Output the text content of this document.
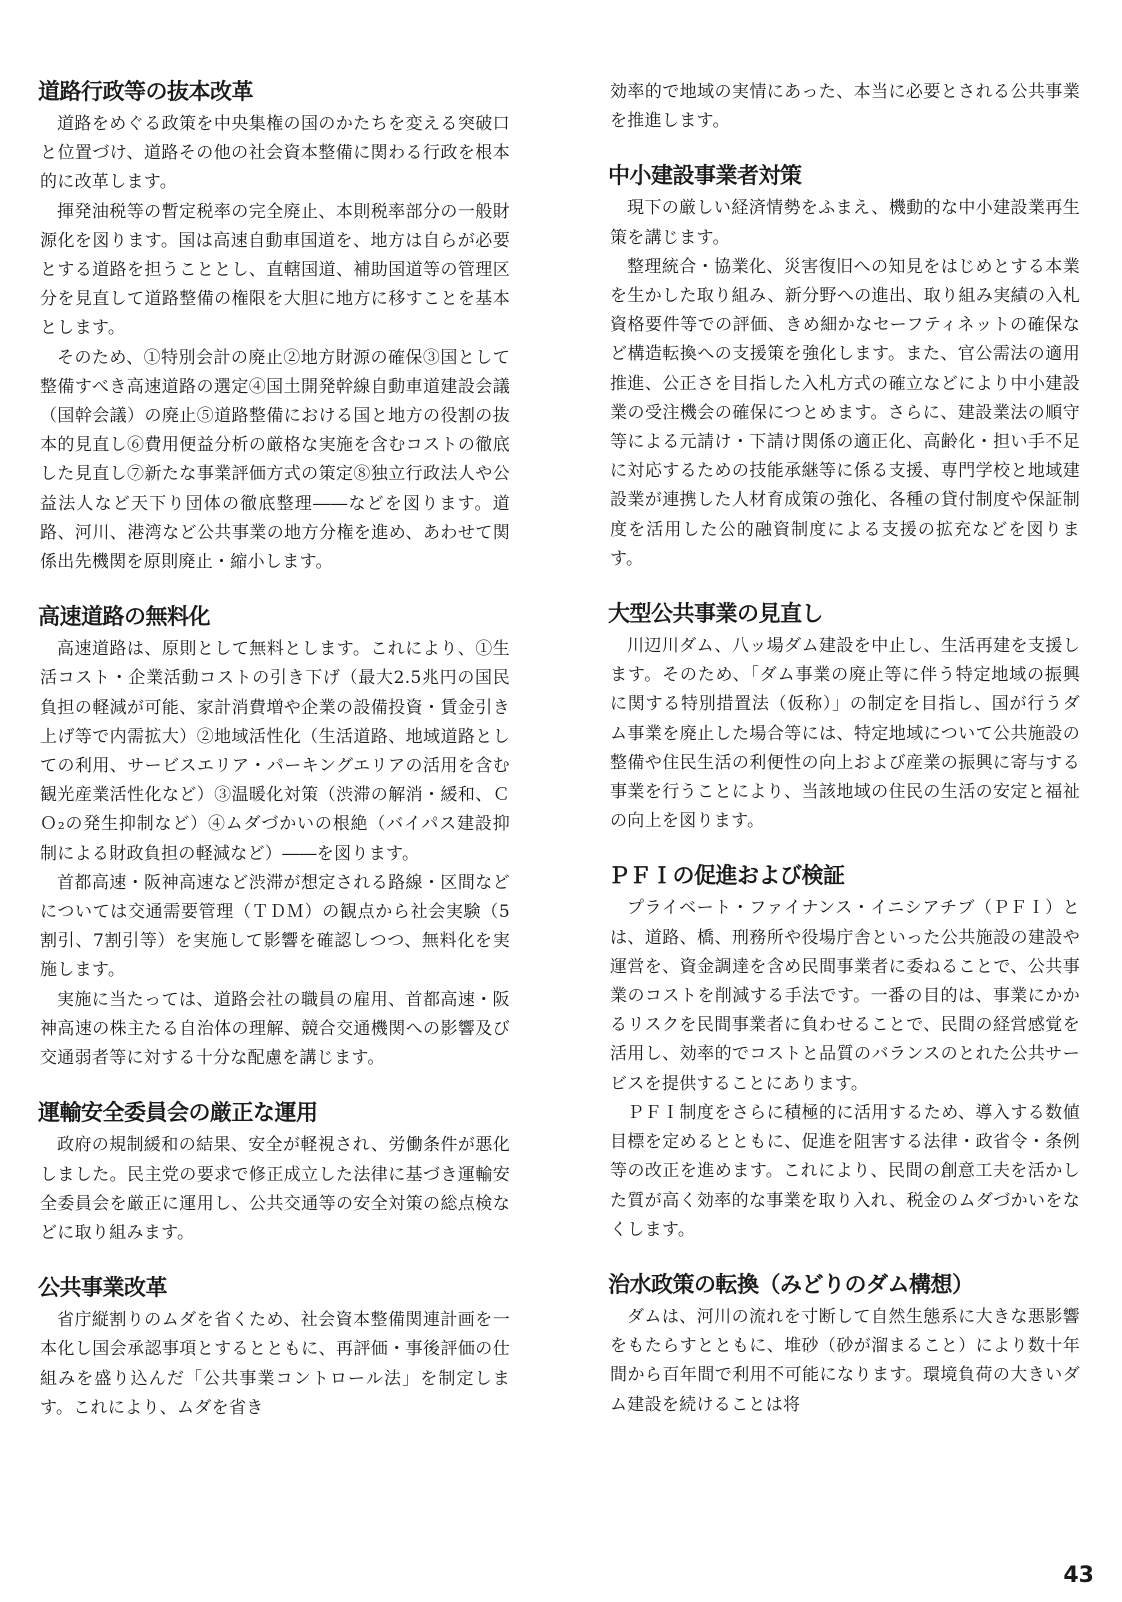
道路行政等の抜本改革

道路をめぐる政策を中央集権の国のかたちを変える突破口と位置づけ、道路その他の社会資本整備に関わる行政を根本的に改革します。

揮発油税等の暫定税率の完全廃止、本則税率部分の一般財源化を図ります。国は高速自動車国道を、地方は自らが必要とする道路を担うこととし、直轄国道、補助国道等の管理区分を見直して道路整備の権限を大胆に地方に移すことを基本とします。

そのため、①特別会計の廃止②地方財源の確保③国として整備すべき高速道路の選定④国土開発幹線自動車道建設会議（国幹会議）の廃止⑤道路整備における国と地方の役割の抜本的見直し⑥費用便益分析の厳格な実施を含むコストの徹底した見直し⑦新たな事業評価方式の策定⑧独立行政法人や公益法人など天下り団体の徹底整理――などを図ります。道路、河川、港湾など公共事業の地方分権を進め、あわせて関係出先機関を原則廃止・縮小します。

高速道路の無料化

高速道路は、原則として無料とします。これにより、①生活コスト・企業活動コストの引き下げ（最大2.5兆円の国民負担の軽減が可能、家計消費増や企業の設備投資・賃金引き上げ等で内需拡大）②地域活性化（生活道路、地域道路としての利用、サービスエリア・パーキングエリアの活用を含む観光産業活性化など）③温暖化対策（渋滞の解消・緩和、ＣＯ₂の発生抑制など）④ムダづかいの根絶（バイパス建設抑制による財政負担の軽減など）――を図ります。

首都高速・阪神高速など渋滞が想定される路線・区間などについては交通需要管理（ＴＤＭ）の観点から社会実験（5割引、7割引等）を実施して影響を確認しつつ、無料化を実施します。

実施に当たっては、道路会社の職員の雇用、首都高速・阪神高速の株主たる自治体の理解、競合交通機関への影響及び交通弱者等に対する十分な配慮を講じます。

運輸安全委員会の厳正な運用

政府の規制緩和の結果、安全が軽視され、労働条件が悪化しました。民主党の要求で修正成立した法律に基づき運輸安全委員会を厳正に運用し、公共交通等の安全対策の総点検などに取り組みます。

公共事業改革

省庁縦割りのムダを省くため、社会資本整備関連計画を一本化し国会承認事項とするとともに、再評価・事後評価の仕組みを盛り込んだ「公共事業コントロール法」を制定します。これにより、ムダを省き

効率的で地域の実情にあった、本当に必要とされる公共事業を推進します。

中小建設事業者対策

現下の厳しい経済情勢をふまえ、機動的な中小建設業再生策を講じます。

整理統合・協業化、災害復旧への知見をはじめとする本業を生かした取り組み、新分野への進出、取り組み実績の入札資格要件等での評価、きめ細かなセーフティネットの確保など構造転換への支援策を強化します。また、官公需法の適用推進、公正さを目指した入札方式の確立などにより中小建設業の受注機会の確保につとめます。さらに、建設業法の順守等による元請け・下請け関係の適正化、高齢化・担い手不足に対応するための技能承継等に係る支援、専門学校と地域建設業が連携した人材育成策の強化、各種の貸付制度や保証制度を活用した公的融資制度による支援の拡充などを図ります。

大型公共事業の見直し

川辺川ダム、八ッ場ダム建設を中止し、生活再建を支援します。そのため、「ダム事業の廃止等に伴う特定地域の振興に関する特別措置法（仮称）」の制定を目指し、国が行うダム事業を廃止した場合等には、特定地域について公共施設の整備や住民生活の利便性の向上および産業の振興に寄与する事業を行うことにより、当該地域の住民の生活の安定と福祉の向上を図ります。

ＰＦＩの促進および検証

プライベート・ファイナンス・イニシアチブ（ＰＦＩ）とは、道路、橋、刑務所や役場庁舎といった公共施設の建設や運営を、資金調達を含め民間事業者に委ねることで、公共事業のコストを削減する手法です。一番の目的は、事業にかかるリスクを民間事業者に負わせることで、民間の経営感覚を活用し、効率的でコストと品質のバランスのとれた公共サービスを提供することにあります。

ＰＦＩ制度をさらに積極的に活用するため、導入する数値目標を定めるとともに、促進を阻害する法律・政省令・条例等の改正を進めます。これにより、民間の創意工夫を活かした質が高く効率的な事業を取り入れ、税金のムダづかいをなくします。

治水政策の転換（みどりのダム構想）

ダムは、河川の流れを寸断して自然生態系に大きな悪影響をもたらすとともに、堆砂（砂が溜まること）により数十年間から百年間で利用不可能になります。環境負荷の大きいダム建設を続けることは将

43
